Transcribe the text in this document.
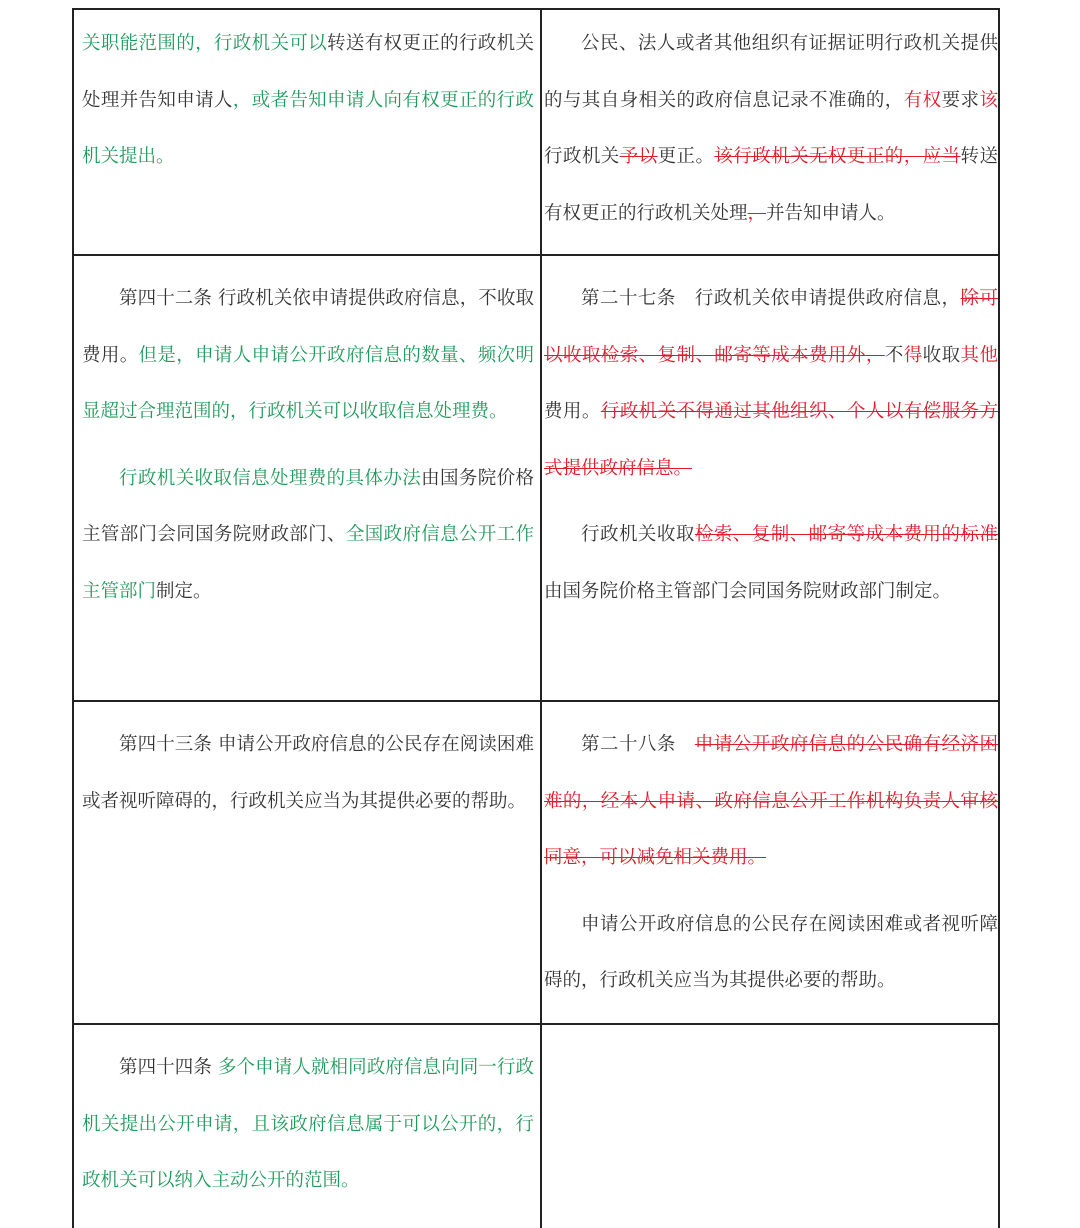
关职能范围的，行政机关可以转送有权更正的行政机关处理并告知申请人，或者告知申请人向有权更正的行政机关提出。

公民、法人或者其他组织有证据证明行政机关提供的与其自身相关的政府信息记录不准确的，有权要求该行政机关予以更正。该行政机关无权更正的，应当转送有权更正的行政机关处理，并告知申请人。

第四十二条 行政机关依申请提供政府信息，不收取费用。但是，申请人申请公开政府信息的数量、频次明显超过合理范围的，行政机关可以收取信息处理费。

行政机关收取信息处理费的具体办法由国务院价格主管部门会同国务院财政部门、全国政府信息公开工作主管部门制定。

第二十七条　行政机关依申请提供政府信息，除可以收取检索、复制、邮寄等成本费用外，不得收取其他费用。行政机关不得通过其他组织、个人以有偿服务方式提供政府信息。

行政机关收取检索、复制、邮寄等成本费用的标准由国务院价格主管部门会同国务院财政部门制定。

第四十三条 申请公开政府信息的公民存在阅读困难或者视听障碍的，行政机关应当为其提供必要的帮助。

第二十八条　申请公开政府信息的公民确有经济困难的，经本人申请、政府信息公开工作机构负责人审核同意，可以减免相关费用。

申请公开政府信息的公民存在阅读困难或者视听障碍的，行政机关应当为其提供必要的帮助。

第四十四条 多个申请人就相同政府信息向同一行政机关提出公开申请，且该政府信息属于可以公开的，行政机关可以纳入主动公开的范围。
